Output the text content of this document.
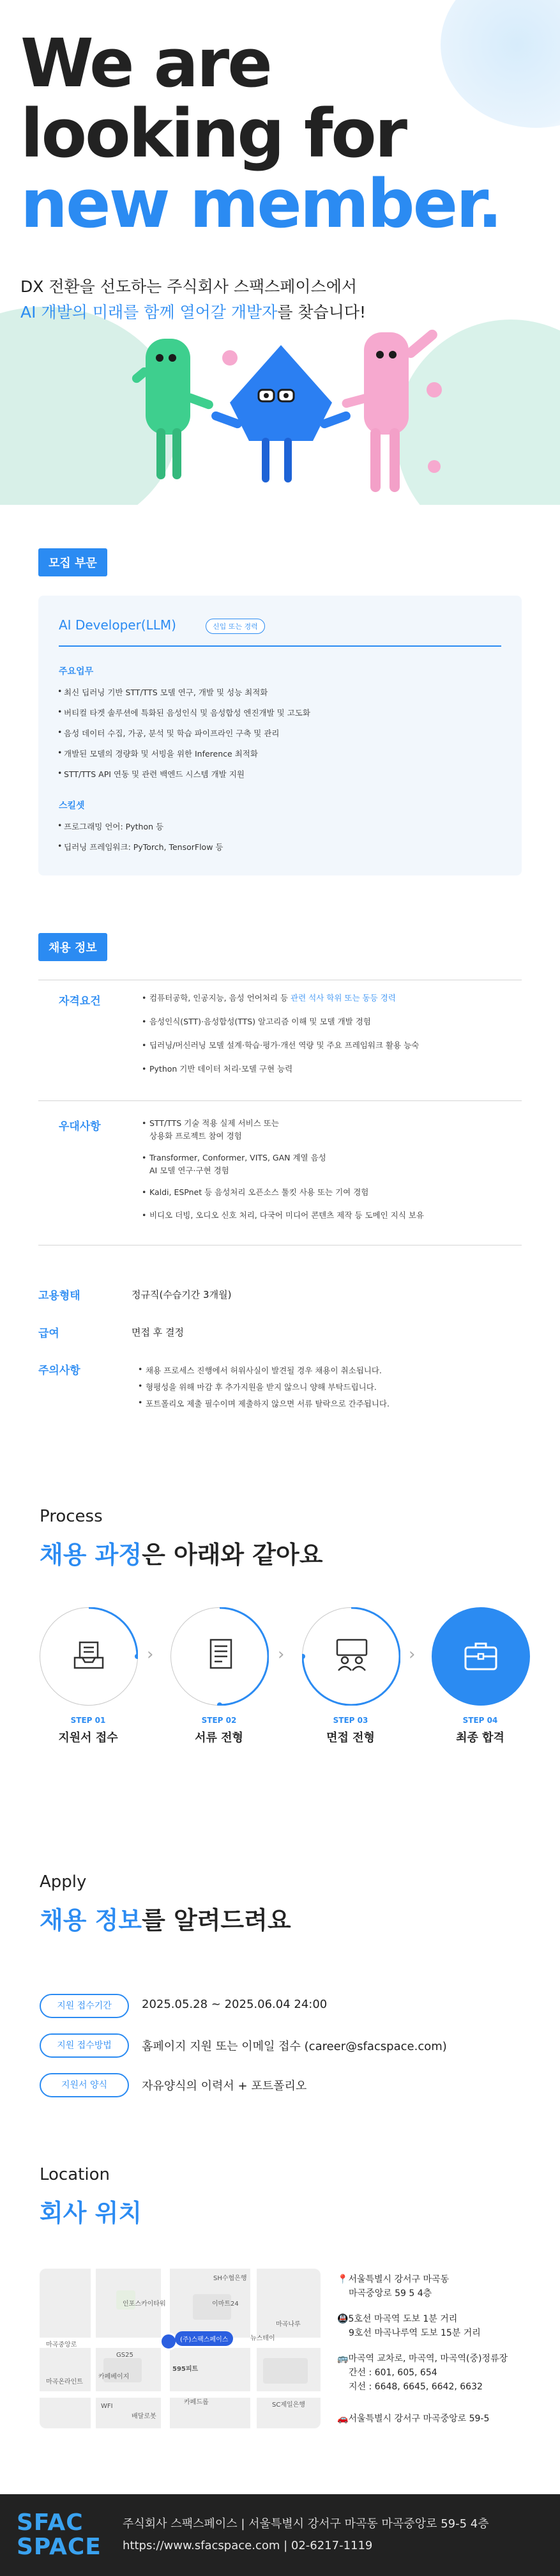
We are
looking for
new member.
DX 전환을 선도하는 주식회사 스팩스페이스에서
AI 개발의 미래를 함께 열어갈 개발자를 찾습니다!
모집 부문
AI Developer(LLM)	신입 또는 경력
주요업무
• 최신 딥러닝 기반 STT/TTS 모델 연구, 개발 및 성능 최적화
• 버티컬 타겟 솔루션에 특화된 음성인식 및 음성합성 엔진개발 및 고도화
• 음성 데이터 수집, 가공, 분석 및 학습 파이프라인 구축 및 관리
• 개발된 모델의 경량화 및 서빙을 위한 Inference 최적화
• STT/TTS API 연동 및 관련 백엔드 시스템 개발 지원
스킬셋
• 프로그래밍 언어: Python 등
• 딥러닝 프레임워크: PyTorch, TensorFlow 등
채용 정보
자격요건	• 컴퓨터공학, 인공지능, 음성 언어처리 등 관련 석사 학위 또는 동등 경력
• 음성인식(STT)·음성합성(TTS) 알고리즘 이해 및 모델 개발 경험
• 딥러닝/머신러닝 모델 설계·학습·평가·개선 역량 및 주요 프레임워크 활용 능숙
• Python 기반 데이터 처리·모델 구현 능력
우대사항	• STT/TTS 기술 적용 실제 서비스 또는
상용화 프로젝트 참여 경험
• Transformer, Conformer, VITS, GAN 계열 음성
AI 모델 연구·구현 경험
• Kaldi, ESPnet 등 음성처리 오픈소스 툴킷 사용 또는 기여 경험
• 비디오 더빙, 오디오 신호 처리, 다국어 미디어 콘텐츠 제작 등 도메인 지식 보유
고용형태	정규직(수습기간 3개월)
급여	면접 후 결정
주의사항	• 채용 프로세스 진행에서 허위사실이 발견될 경우 채용이 취소됩니다.
• 형평성을 위해 마감 후 추가지원을 받지 않으니 양해 부탁드립니다.
• 포트폴리오 제출 필수이며 제출하지 않으면 서류 탈락으로 간주됩니다.
Process
채용 과정은 아래와 같아요
STEP 01
지원서 접수
›
STEP 02
서류 전형
›
STEP 03
면접 전형
›
STEP 04
최종 합격
Apply
채용 정보를 알려드려요
지원 접수기간	2025.05.28 ~ 2025.06.04 24:00
지원 접수방법	홈페이지 지원 또는 이메일 접수 (career@sfacspace.com)
지원서 양식	자유양식의 이력서 + 포트폴리오
Location
회사 위치
SH수협은행
인포스카이타워	이마트24
마곡나루
595피트
SC제일은행
마곡중앙로
뉴스테이
GS25
카페베이지
WFI
배달로봇
마곡온라인트
카페드롭
(주)스팩스페이스
📍서울특별시 강서구 마곡동
마곡중앙로 59 5 4층
🚇5호선 마곡역 도보 1분 거리
9호선 마곡나루역 도보 15분 거리
🚌마곡역 교차로, 마곡역, 마곡역(중)정류장
간선 : 601, 605, 654
지선 : 6648, 6645, 6642, 6632
🚗서울특별시 강서구 마곡중앙로 59-5
SFAC
SPACE
주식회사 스팩스페이스 | 서울특별시 강서구 마곡동 마곡중앙로 59-5 4층
https://www.sfacspace.com | 02-6217-1119
